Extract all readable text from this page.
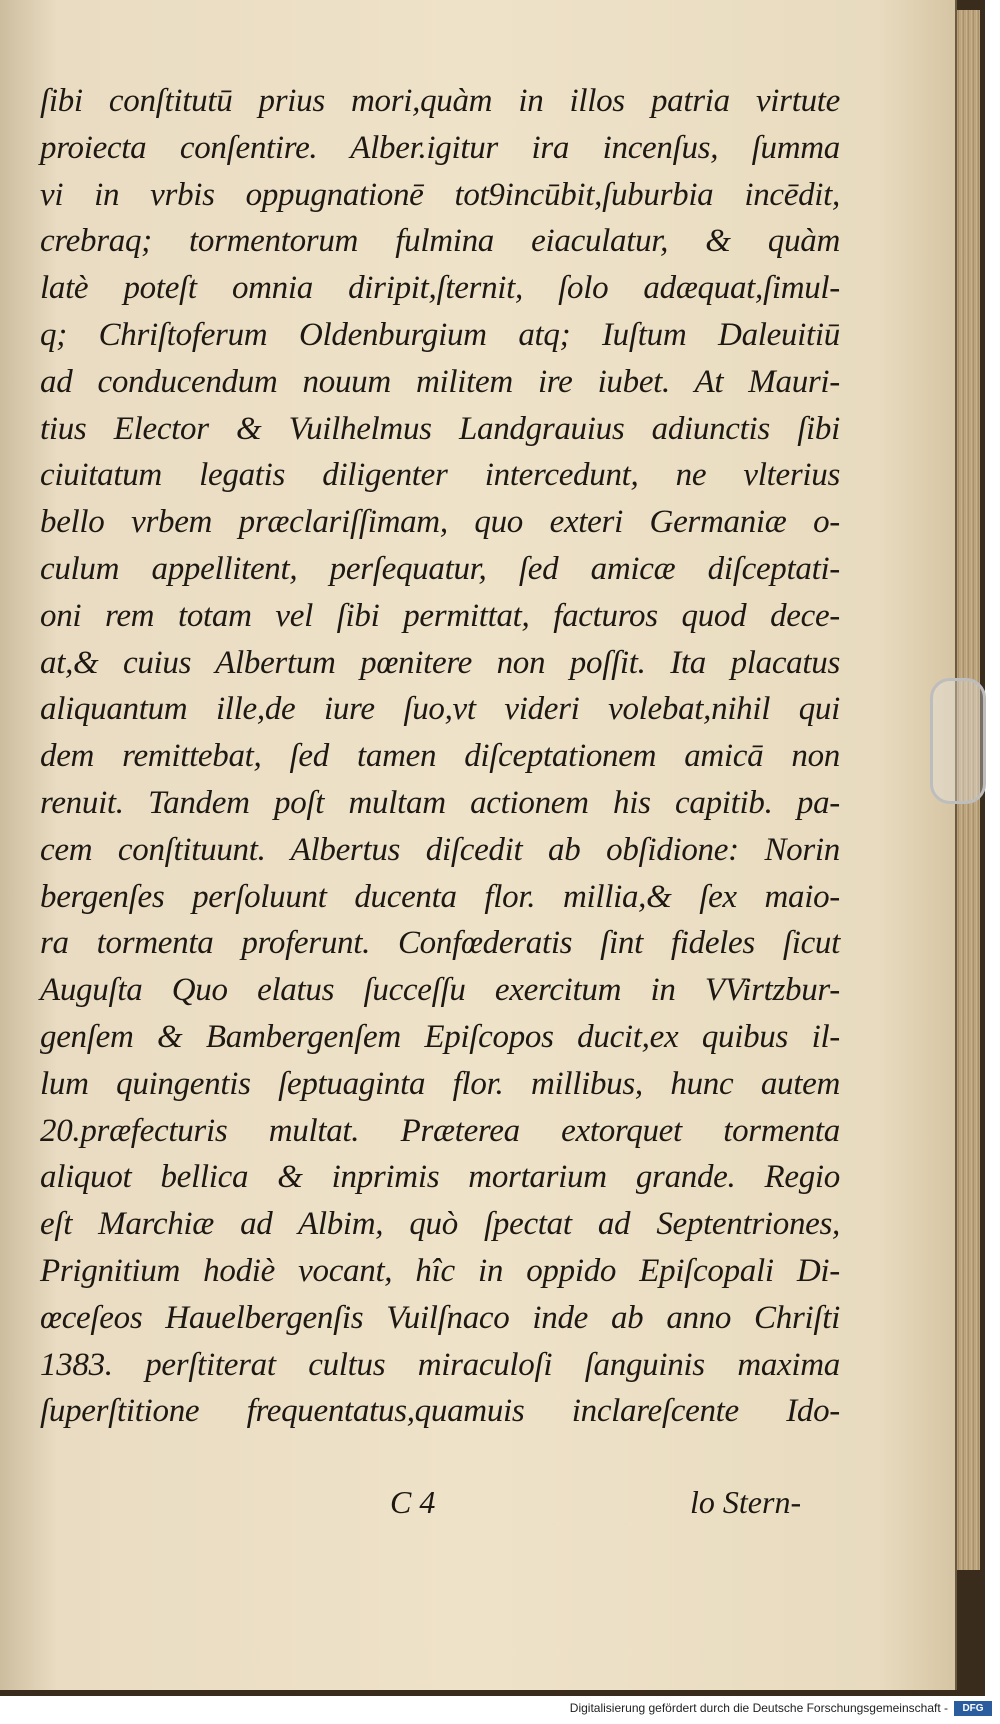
ſibi conſtitutū prius mori,quàm in illos patria virtute
proiecta conſentire. Alber.igitur ira incenſus, ſumma
vi in vrbis oppugnationē tot9incūbit,ſuburbia incēdit,
crebraq; tormentorum fulmina eiaculatur, & quàm
latè poteſt omnia diripit,ſternit, ſolo adæquat,ſimul-
q; Chriſtoferum Oldenburgium atq; Iuſtum Daleuitiū
ad conducendum nouum militem ire iubet. At Mauri-
tius Elector & Vuilhelmus Landgrauius adiunctis ſibi
ciuitatum legatis diligenter intercedunt, ne vlterius
bello vrbem præclariſſimam, quo exteri Germaniæ o-
culum appellitent, perſequatur, ſed amicæ diſceptati-
oni rem totam vel ſibi permittat, facturos quod dece-
at,& cuius Albertum pœnitere non poſſit. Ita placatus
aliquantum ille,de iure ſuo,vt videri volebat,nihil qui
dem remittebat, ſed tamen diſceptationem amicā non
renuit. Tandem poſt multam actionem his capitib. pa-
cem conſtituunt. Albertus diſcedit ab obſidione: Norin
bergenſes perſoluunt ducenta flor. millia,& ſex maio-
ra tormenta proferunt. Confœderatis ſint fideles ſicut
Auguſta Quo elatus ſucceſſu exercitum in VVirtzbur-
genſem & Bambergenſem Epiſcopos ducit,ex quibus il-
lum quingentis ſeptuaginta flor. millibus, hunc autem
20.præfecturis multat. Præterea extorquet tormenta
aliquot bellica & inprimis mortarium grande. Regio
eſt Marchiæ ad Albim, quò ſpectat ad Septentriones,
Prignitium hodiè vocant, hîc in oppido Epiſcopali Di-
œceſeos Hauelbergenſis Vuilſnaco inde ab anno Chriſti
1383. perſtiterat cultus miraculoſi ſanguinis maxima
ſuperſtitione frequentatus,quamuis inclareſcente Ido-
C 4	lo Stern-
Digitalisierung gefördert durch die Deutsche Forschungsgemeinschaft -	DFG
